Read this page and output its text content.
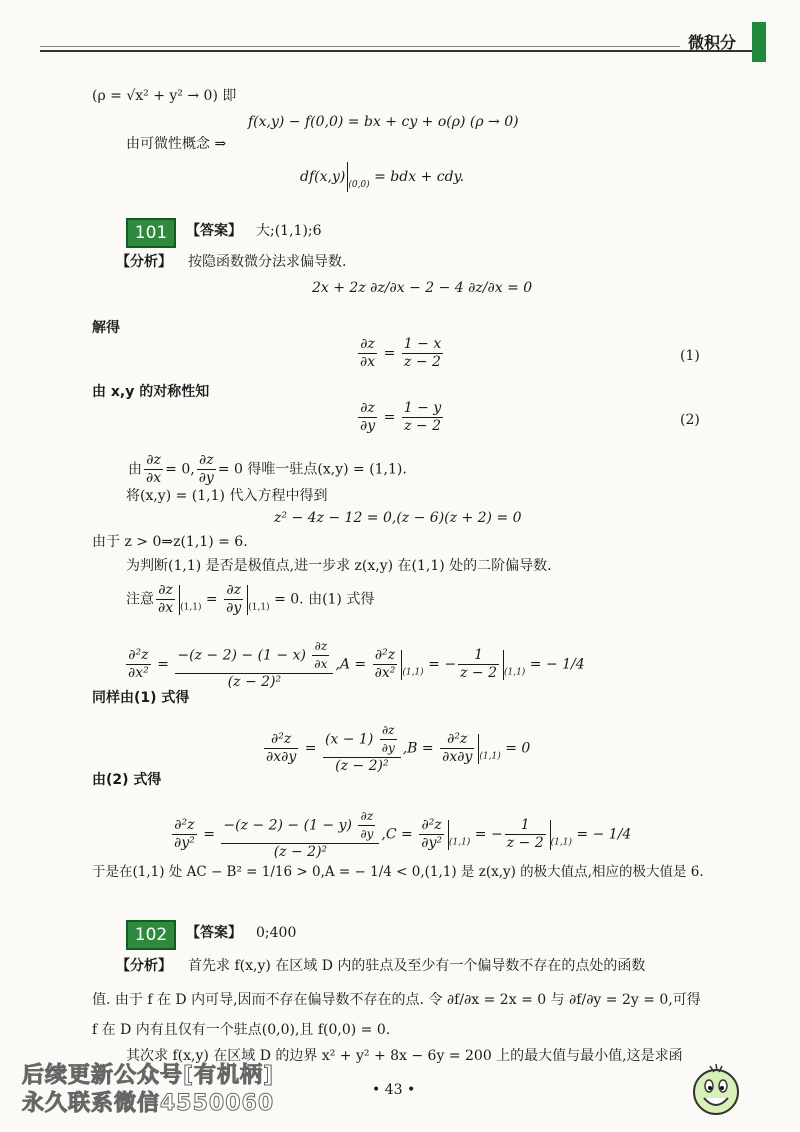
微积分
(ρ = √x² + y² → 0) 即
f(x,y) − f(0,0) = bx + cy + o(ρ) (ρ → 0)
由可微性概念 ⇒
df(x,y) $_{(0,0)}$ = bdx + cdy.
101	【答案】 大;(1,1);6
【分析】 按隐函数微分法求偏导数.
2x + 2z ∂z/∂x − 2 − 4 ∂z/∂x = 0
解得
$\frac{\partial z}{\partial x} = \frac{1 - x}{z - 2}$	(1)
由 x,y 的对称性知
$\frac{\partial z}{\partial y} = \frac{1 - y}{z - 2}$	(2)
由 $\frac{\partial z}{\partial x} = 0$, $\frac{\partial z}{\partial y} = 0$ 得唯一驻点(x,y) = (1,1).
将(x,y) = (1,1) 代入方程中得到
z² − 4z − 12 = 0,(z − 6)(z + 2) = 0
由于 z > 0⇒z(1,1) = 6.
为判断(1,1) 是否是极值点,进一步求 z(x,y) 在(1,1) 处的二阶偏导数.
注意 $\frac{\partial z}{\partial x} _{(1,1)} = \frac{\partial z}{\partial y} _{(1,1)} = 0$. 由(1) 式得
$\frac{\text{∂²z}}{\text{∂x²}} = \frac{-(z - 2) - (1 - x) \frac{\partial z}{\partial x}}{\text{(z − 2)²}} ,A = \frac{\text{∂²z}}{\text{∂x²}} _{(1,1)}$ = − $\frac{1}{z - 2} _{(1,1)}$ = − 1/4
同样由(1) 式得
$\frac{\text{∂²z}}{\partial x\partial y} = \frac{(x - 1) \frac{\partial z}{\partial y}}{\text{(z − 2)²}} ,B = \frac{\text{∂²z}}{\partial x\partial y} _{(1,1)} = 0$
由(2) 式得
$\frac{\text{∂²z}}{\text{∂y²}} = \frac{-(z - 2) - (1 - y) \frac{\partial z}{\partial y}}{\text{(z − 2)²}} ,C = \frac{\text{∂²z}}{\text{∂y²}} _{(1,1)}$ = − $\frac{1}{z - 2} _{(1,1)}$ = − 1/4
于是在(1,1) 处 AC − B² = 1/16 > 0,A = − 1/4 < 0,(1,1) 是 z(x,y) 的极大值点,相应的极大值是 6.
102	【答案】 0;400
【分析】 首先求 f(x,y) 在区域 D 内的驻点及至少有一个偏导数不存在的点处的函数
值. 由于 f 在 D 内可导,因而不存在偏导数不存在的点. 令 ∂f/∂x = 2x = 0 与 ∂f/∂y = 2y = 0,可得
f 在 D 内有且仅有一个驻点(0,0),且 f(0,0) = 0.
其次求 f(x,y) 在区域 D 的边界 x² + y² + 8x − 6y = 200 上的最大值与最小值,这是求函
• 43 •
后续更新公众号[有机柄]
永久联系微信4550060
